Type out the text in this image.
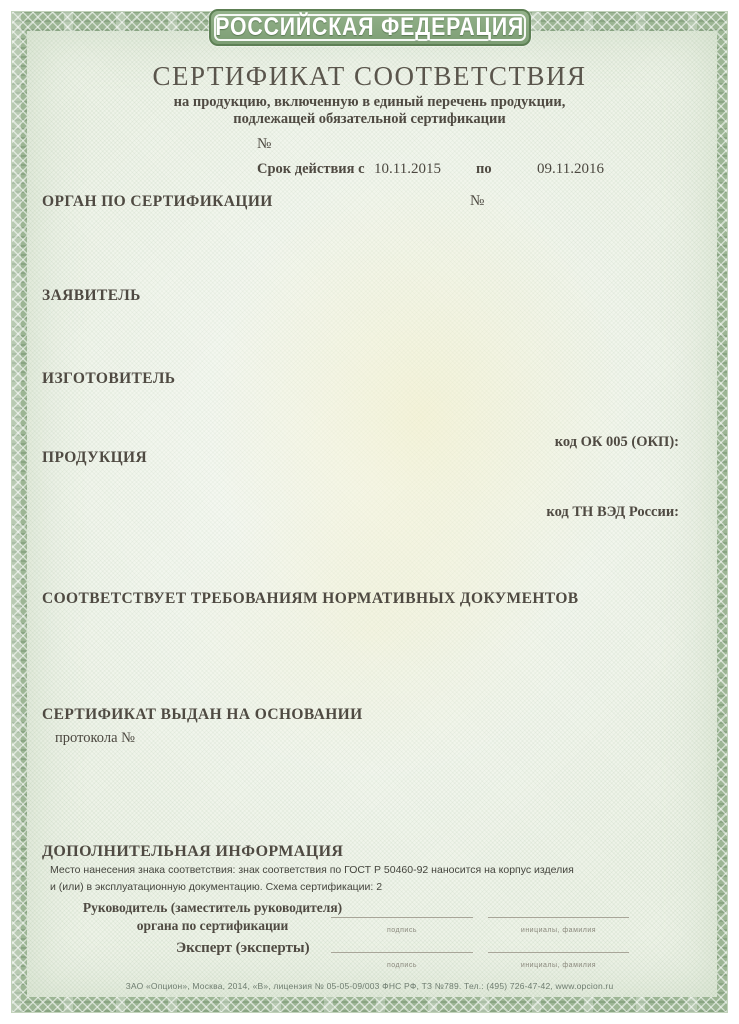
РОССИЙСКАЯ ФЕДЕРАЦИЯ
СЕРТИФИКАТ СООТВЕТСТВИЯ
на продукцию, включенную в единый перечень продукции,
подлежащей обязательной сертификации
№
Срок действия с 10.11.2015 по	09.11.2016
ОРГАН ПО СЕРТИФИКАЦИИ	№
ЗАЯВИТЕЛЬ
ИЗГОТОВИТЕЛЬ
код ОК 005 (ОКП):
ПРОДУКЦИЯ
код ТН ВЭД России:
СООТВЕТСТВУЕТ ТРЕБОВАНИЯМ НОРМАТИВНЫХ ДОКУМЕНТОВ
СЕРТИФИКАТ ВЫДАН НА ОСНОВАНИИ
протокола №
ДОПОЛНИТЕЛЬНАЯ ИНФОРМАЦИЯ
Место нанесения знака соответствия: знак соответствия по ГОСТ Р 50460-92 наносится на корпус изделия и (или) в эксплуатационную документацию. Схема сертификации: 2
Руководитель (заместитель руководителя)
органа по сертификации	подпись	инициалы, фамилия
Эксперт (эксперты)
подпись	инициалы, фамилия
ЗАО «Опцион», Москва, 2014, «В», лицензия № 05-05-09/003 ФНС РФ, ТЗ №789. Тел.: (495) 726-47-42, www.opcion.ru
